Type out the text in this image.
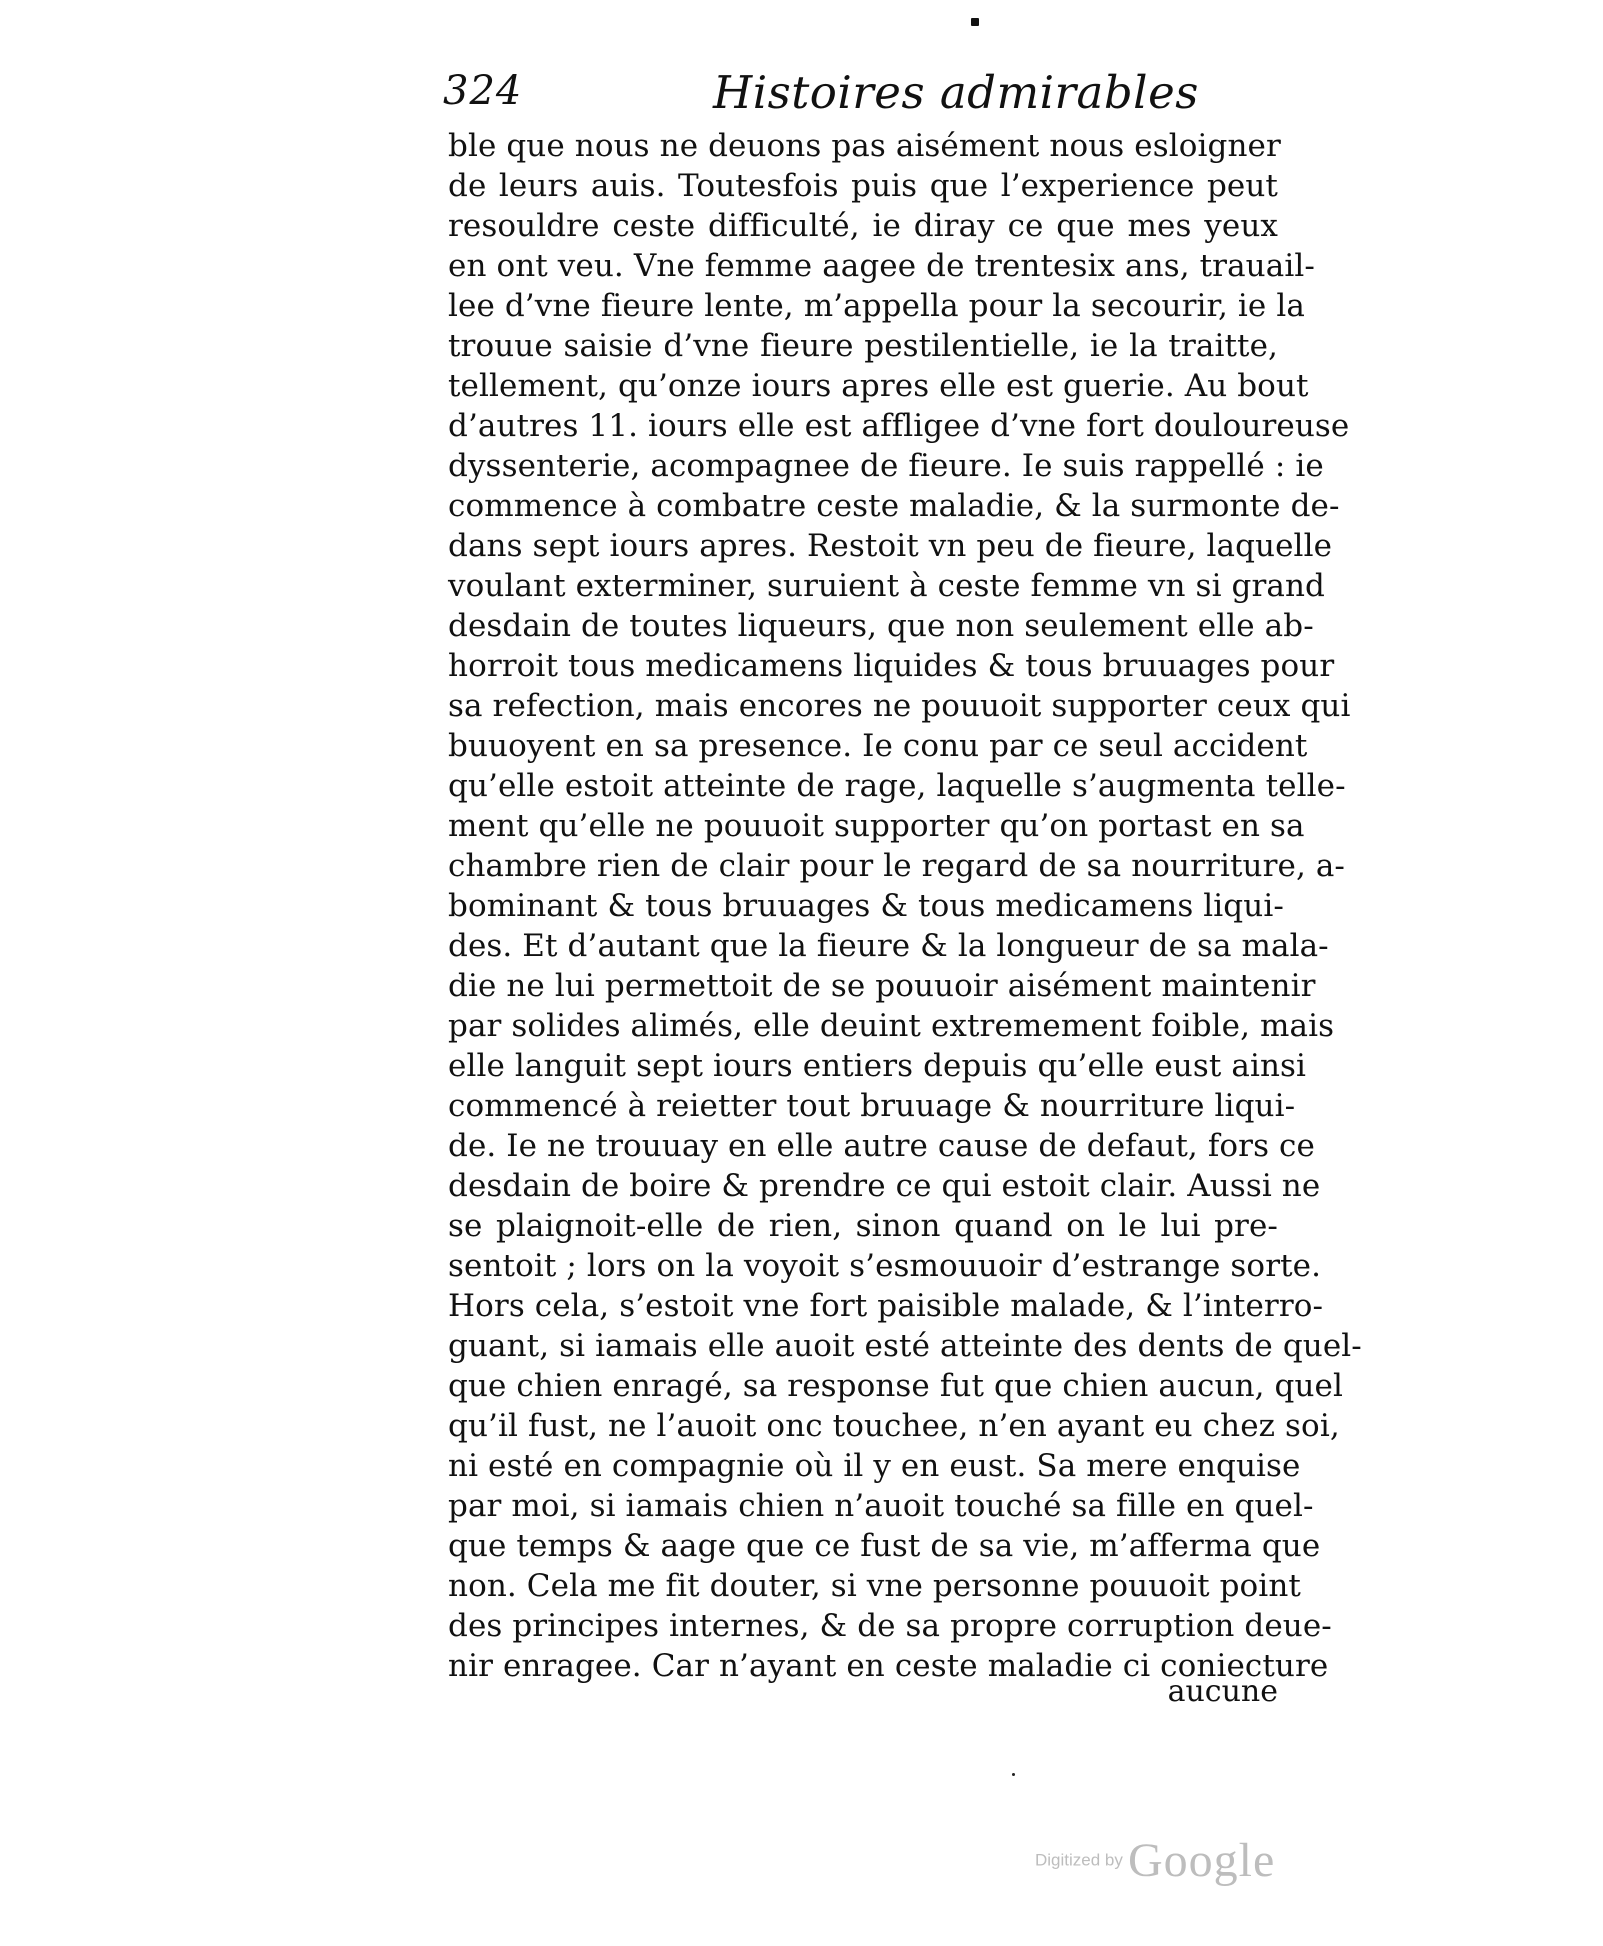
324	Histoires admirables
ble que nous ne deuons pas aisément nous esloigner
de leurs auis. Toutesfois puis que l’experience peut
resouldre ceste difficulté, ie diray ce que mes yeux
en ont veu. Vne femme aagee de trentesix ans, trauail-
lee d’vne fieure lente, m’appella pour la secourir, ie la
trouue saisie d’vne fieure pestilentielle, ie la traitte,
tellement, qu’onze iours apres elle est guerie. Au bout
d’autres 11. iours elle est affligee d’vne fort douloureuse
dyssenterie, acompagnee de fieure. Ie suis rappellé : ie
commence à combatre ceste maladie, & la surmonte de-
dans sept iours apres. Restoit vn peu de fieure, laquelle
voulant exterminer, suruient à ceste femme vn si grand
desdain de toutes liqueurs, que non seulement elle ab-
horroit tous medicamens liquides & tous bruuages pour
sa refection, mais encores ne pouuoit supporter ceux qui
buuoyent en sa presence. Ie conu par ce seul accident
qu’elle estoit atteinte de rage, laquelle s’augmenta telle-
ment qu’elle ne pouuoit supporter qu’on portast en sa
chambre rien de clair pour le regard de sa nourriture, a-
bominant & tous bruuages & tous medicamens liqui-
des. Et d’autant que la fieure & la longueur de sa mala-
die ne lui permettoit de se pouuoir aisément maintenir
par solides alimés, elle deuint extremement foible, mais
elle languit sept iours entiers depuis qu’elle eust ainsi
commencé à reietter tout bruuage & nourriture liqui-
de. Ie ne trouuay en elle autre cause de defaut, fors ce
desdain de boire & prendre ce qui estoit clair. Aussi ne
se plaignoit-elle de rien, sinon quand on le lui pre-
sentoit ; lors on la voyoit s’esmouuoir d’estrange sorte.
Hors cela, s’estoit vne fort paisible malade, & l’interro-
guant, si iamais elle auoit esté atteinte des dents de quel-
que chien enragé, sa response fut que chien aucun, quel
qu’il fust, ne l’auoit onc touchee, n’en ayant eu chez soi,
ni esté en compagnie où il y en eust. Sa mere enquise
par moi, si iamais chien n’auoit touché sa fille en quel-
que temps & aage que ce fust de sa vie, m’afferma que
non. Cela me fit douter, si vne personne pouuoit point
des principes internes, & de sa propre corruption deue-
nir enragee. Car n’ayant en ceste maladie ci coniecture
aucune
Digitized by Google
